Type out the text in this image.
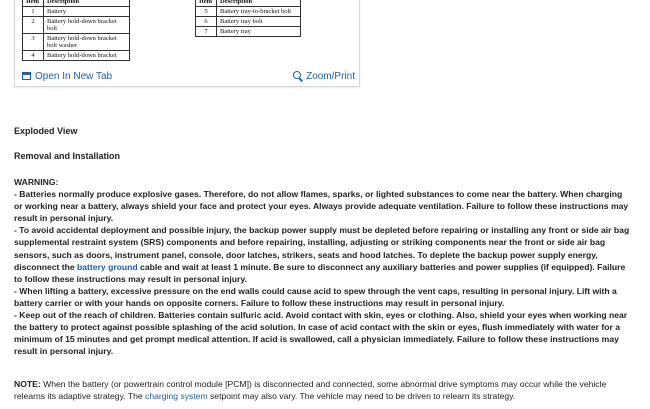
Item	Description
1	Battery
2	Battery hold-down bracket bolt
3	Battery hold-down bracket bolt washer
4	Battery hold-down bracket
Item	Description
5	Battery tray-to-bracket bolt
6	Battery tray bolt
7	Battery tray
Open In New Tab	Zoom/Print
Exploded View
Removal and Installation

WARNING:

- Batteries normally produce explosive gases. Therefore, do not allow flames, sparks, or lighted substances to come near the battery. When charging or working near a battery, always shield your face and protect your eyes. Always provide adequate ventilation. Failure to follow these instructions may result in personal injury.

- To avoid accidental deployment and possible injury, the backup power supply must be depleted before repairing or installing any front or side air bag supplemental restraint system (SRS) components and before repairing, installing, adjusting or striking components near the front or side air bag sensors, such as doors, instrument panel, console, door latches, strikers, seats and hood latches. To deplete the backup power supply energy, disconnect the battery ground cable and wait at least 1 minute. Be sure to disconnect any auxiliary batteries and power supplies (if equipped). Failure to follow these instructions may result in personal injury.

- When lifting a battery, excessive pressure on the end walls could cause acid to spew through the vent caps, resulting in personal injury. Lift with a battery carrier or with your hands on opposite corners. Failure to follow these instructions may result in personal injury.

- Keep out of the reach of children. Batteries contain sulfuric acid. Avoid contact with skin, eyes or clothing. Also, shield your eyes when working near the battery to protect against possible splashing of the acid solution. In case of acid contact with the skin or eyes, flush immediately with water for a minimum of 15 minutes and get prompt medical attention. If acid is swallowed, call a physician immediately. Failure to follow these instructions may result in personal injury.

NOTE: When the battery (or powertrain control module [PCM]) is disconnected and connected, some abnormal drive symptoms may occur while the vehicle relearns its adaptive strategy. The charging system setpoint may also vary. The vehicle may need to be driven to relearn its strategy.
